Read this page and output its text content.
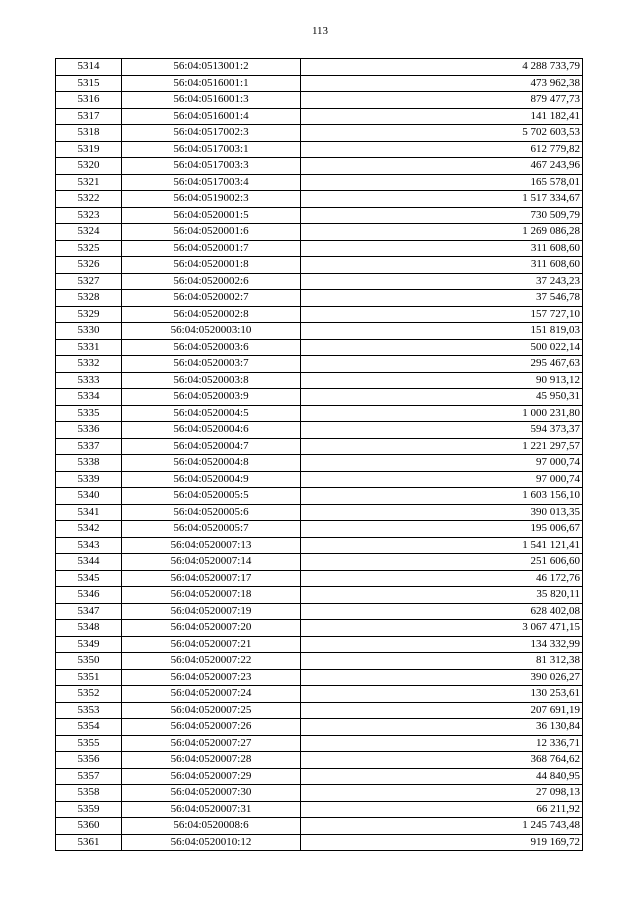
113
5314	56:04:0513001:2	4 288 733,79
5315	56:04:0516001:1	473 962,38
5316	56:04:0516001:3	879 477,73
5317	56:04:0516001:4	141 182,41
5318	56:04:0517002:3	5 702 603,53
5319	56:04:0517003:1	612 779,82
5320	56:04:0517003:3	467 243,96
5321	56:04:0517003:4	165 578,01
5322	56:04:0519002:3	1 517 334,67
5323	56:04:0520001:5	730 509,79
5324	56:04:0520001:6	1 269 086,28
5325	56:04:0520001:7	311 608,60
5326	56:04:0520001:8	311 608,60
5327	56:04:0520002:6	37 243,23
5328	56:04:0520002:7	37 546,78
5329	56:04:0520002:8	157 727,10
5330	56:04:0520003:10	151 819,03
5331	56:04:0520003:6	500 022,14
5332	56:04:0520003:7	295 467,63
5333	56:04:0520003:8	90 913,12
5334	56:04:0520003:9	45 950,31
5335	56:04:0520004:5	1 000 231,80
5336	56:04:0520004:6	594 373,37
5337	56:04:0520004:7	1 221 297,57
5338	56:04:0520004:8	97 000,74
5339	56:04:0520004:9	97 000,74
5340	56:04:0520005:5	1 603 156,10
5341	56:04:0520005:6	390 013,35
5342	56:04:0520005:7	195 006,67
5343	56:04:0520007:13	1 541 121,41
5344	56:04:0520007:14	251 606,60
5345	56:04:0520007:17	46 172,76
5346	56:04:0520007:18	35 820,11
5347	56:04:0520007:19	628 402,08
5348	56:04:0520007:20	3 067 471,15
5349	56:04:0520007:21	134 332,99
5350	56:04:0520007:22	81 312,38
5351	56:04:0520007:23	390 026,27
5352	56:04:0520007:24	130 253,61
5353	56:04:0520007:25	207 691,19
5354	56:04:0520007:26	36 130,84
5355	56:04:0520007:27	12 336,71
5356	56:04:0520007:28	368 764,62
5357	56:04:0520007:29	44 840,95
5358	56:04:0520007:30	27 098,13
5359	56:04:0520007:31	66 211,92
5360	56:04:0520008:6	1 245 743,48
5361	56:04:0520010:12	919 169,72
